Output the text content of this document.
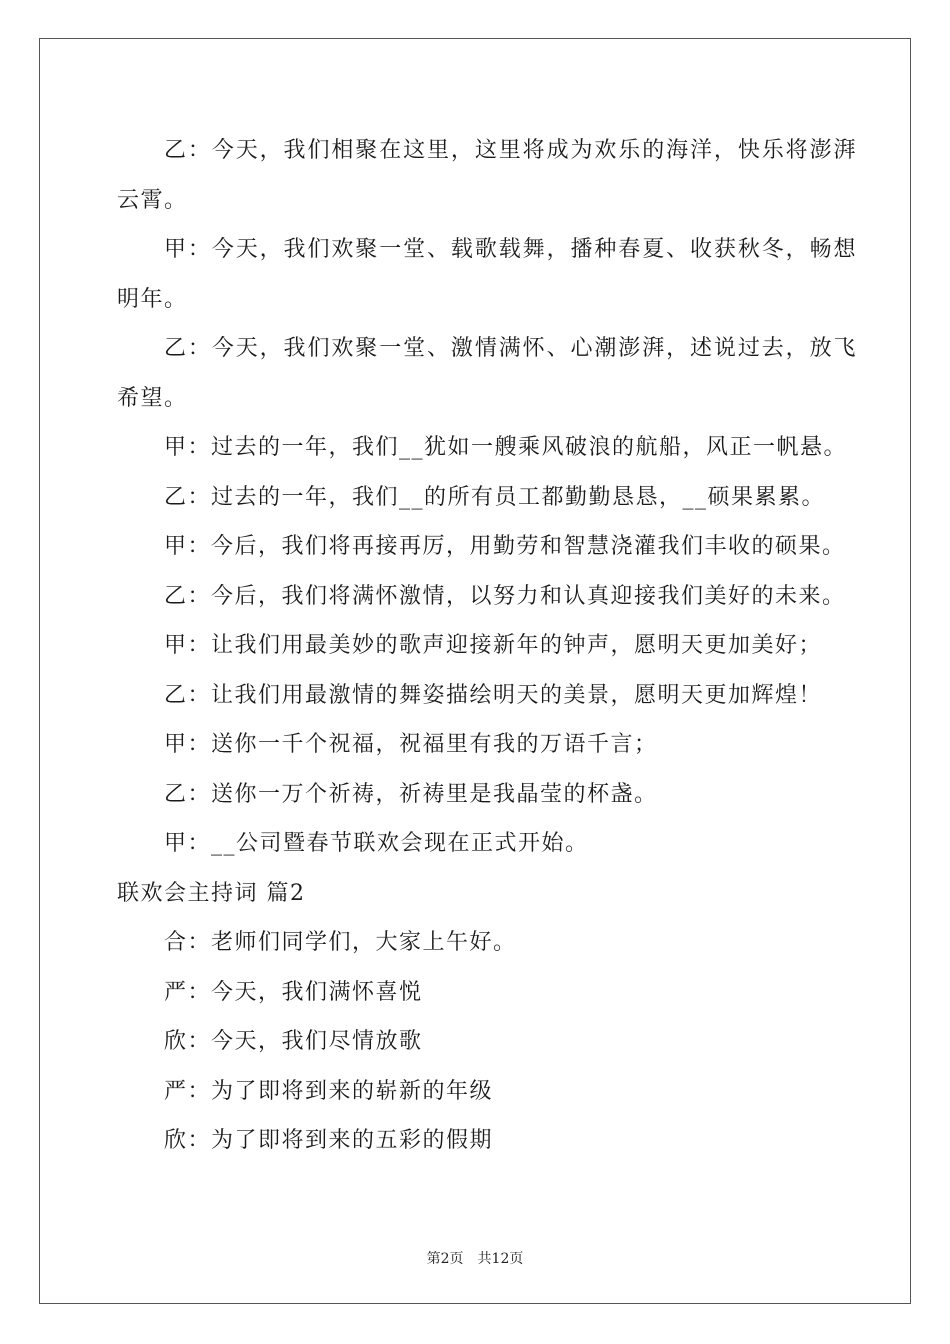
乙：今天，我们相聚在这里，这里将成为欢乐的海洋，快乐将澎湃云霄。

甲：今天，我们欢聚一堂、载歌载舞，播种春夏、收获秋冬，畅想明年。

乙：今天，我们欢聚一堂、激情满怀、心潮澎湃，述说过去，放飞希望。

甲：过去的一年，我们__犹如一艘乘风破浪的航船，风正一帆悬。

乙：过去的一年，我们__的所有员工都勤勤恳恳，__硕果累累。

甲：今后，我们将再接再厉，用勤劳和智慧浇灌我们丰收的硕果。

乙：今后，我们将满怀激情，以努力和认真迎接我们美好的未来。

甲：让我们用最美妙的歌声迎接新年的钟声，愿明天更加美好；

乙：让我们用最激情的舞姿描绘明天的美景，愿明天更加辉煌！

甲：送你一千个祝福，祝福里有我的万语千言；

乙：送你一万个祈祷，祈祷里是我晶莹的杯盏。

甲：__公司暨春节联欢会现在正式开始。

联欢会主持词 篇2

合：老师们同学们，大家上午好。

严：今天，我们满怀喜悦

欣：今天，我们尽情放歌

严：为了即将到来的崭新的年级

欣：为了即将到来的五彩的假期

第2页 共12页
